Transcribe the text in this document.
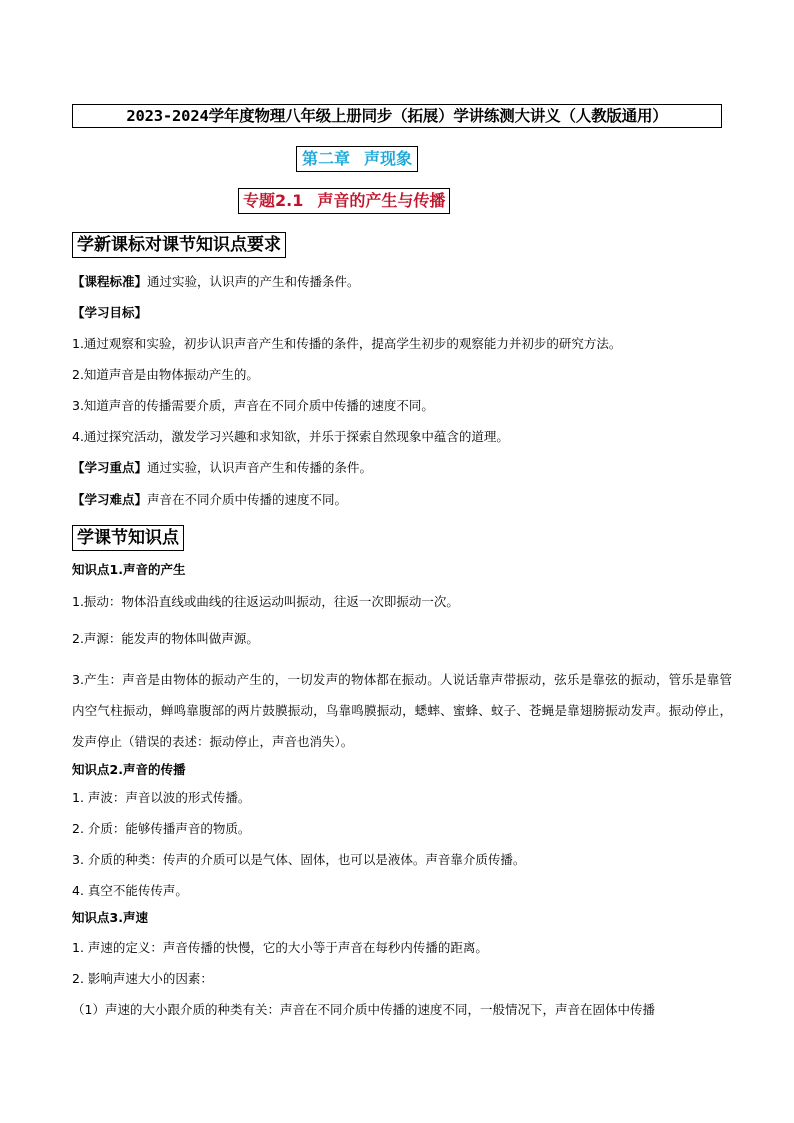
2023-2024学年度物理八年级上册同步（拓展）学讲练测大讲义（人教版通用）
第二章 声现象
专题2.1 声音的产生与传播
学新课标对课节知识点要求
【课程标准】通过实验，认识声的产生和传播条件。
【学习目标】
1.通过观察和实验，初步认识声音产生和传播的条件，提高学生初步的观察能力并初步的研究方法。
2.知道声音是由物体振动产生的。
3.知道声音的传播需要介质，声音在不同介质中传播的速度不同。
4.通过探究活动，激发学习兴趣和求知欲，并乐于探索自然现象中蕴含的道理。
【学习重点】通过实验，认识声音产生和传播的条件。
【学习难点】声音在不同介质中传播的速度不同。
学课节知识点
知识点1.声音的产生
1.振动：物体沿直线或曲线的往返运动叫振动，往返一次即振动一次。
2.声源：能发声的物体叫做声源。
3.产生：声音是由物体的振动产生的，一切发声的物体都在振动。人说话靠声带振动，弦乐是靠弦的振动，管乐是靠管内空气柱振动，蝉鸣靠腹部的两片鼓膜振动，鸟靠鸣膜振动，蟋蟀、蜜蜂、蚊子、苍蝇是靠翅膀振动发声。振动停止，发声停止（错误的表述：振动停止，声音也消失）。
知识点2.声音的传播
1. 声波：声音以波的形式传播。
2. 介质：能够传播声音的物质。
3. 介质的种类：传声的介质可以是气体、固体，也可以是液体。声音靠介质传播。
4. 真空不能传传声。
知识点3.声速
1. 声速的定义：声音传播的快慢，它的大小等于声音在每秒内传播的距离。
2. 影响声速大小的因素：
（1）声速的大小跟介质的种类有关：声音在不同介质中传播的速度不同，一般情况下，声音在固体中传播
